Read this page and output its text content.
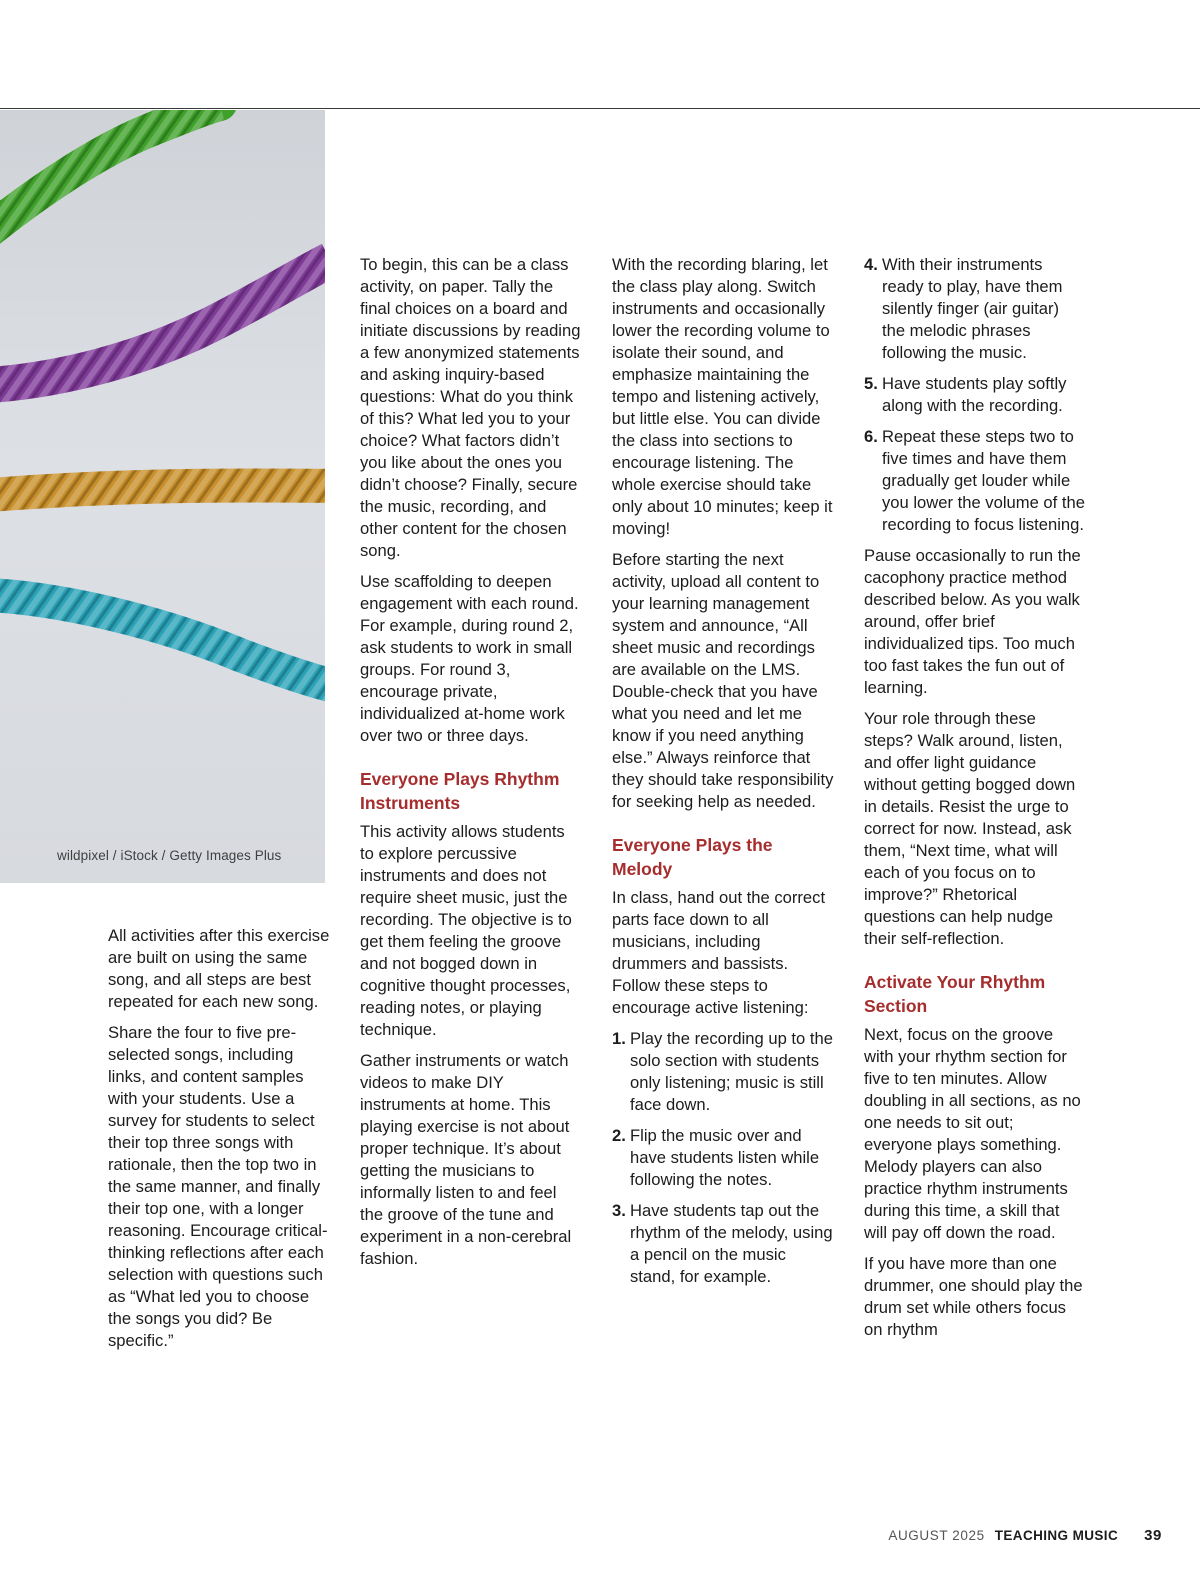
wildpixel / iStock / Getty Images Plus

All activities after this exercise are built on using the same song, and all steps are best repeated for each new song.

Share the four to five pre-selected songs, including links, and content samples with your students. Use a survey for students to select their top three songs with rationale, then the top two in the same manner, and finally their top one, with a longer reasoning. Encourage critical-thinking reflections after each selection with questions such as “What led you to choose the songs you did? Be specific.”

To begin, this can be a class activity, on paper. Tally the final choices on a board and initiate discussions by reading a few anonymized statements and asking inquiry-based questions: What do you think of this? What led you to your choice? What factors didn’t you like about the ones you didn’t choose? Finally, secure the music, recording, and other content for the chosen song.

Use scaffolding to deepen engagement with each round. For example, during round 2, ask students to work in small groups. For round 3, encourage private, individualized at-home work over two or three days.

Everyone Plays Rhythm Instruments

This activity allows students to explore percussive instruments and does not require sheet music, just the recording. The objective is to get them feeling the groove and not bogged down in cognitive thought processes, reading notes, or playing technique.

Gather instruments or watch videos to make DIY instruments at home. This playing exercise is not about proper technique. It’s about getting the musicians to informally listen to and feel the groove of the tune and experiment in a non-cerebral fashion.

With the recording blaring, let the class play along. Switch instruments and occasionally lower the recording volume to isolate their sound, and emphasize maintaining the tempo and listening actively, but little else. You can divide the class into sections to encourage listening. The whole exercise should take only about 10 minutes; keep it moving!

Before starting the next activity, upload all content to your learning management system and announce, “All sheet music and recordings are available on the LMS. Double-check that you have what you need and let me know if you need anything else.” Always reinforce that they should take responsibility for seeking help as needed.

Everyone Plays the Melody

In class, hand out the correct parts face down to all musicians, including drummers and bassists. Follow these steps to encourage active listening:

1. Play the recording up to the solo section with students only listening; music is still face down.
2. Flip the music over and have students listen while following the notes.
3. Have students tap out the rhythm of the melody, using a pencil on the music stand, for example.
4. With their instruments ready to play, have them silently finger (air guitar) the melodic phrases following the music.
5. Have students play softly along with the recording.
6. Repeat these steps two to five times and have them gradually get louder while you lower the volume of the recording to focus listening.

Pause occasionally to run the cacophony practice method described below. As you walk around, offer brief individualized tips. Too much too fast takes the fun out of learning.

Your role through these steps? Walk around, listen, and offer light guidance without getting bogged down in details. Resist the urge to correct for now. Instead, ask them, “Next time, what will each of you focus on to improve?” Rhetorical questions can help nudge their self-reflection.

Activate Your Rhythm Section

Next, focus on the groove with your rhythm section for five to ten minutes. Allow doubling in all sections, as no one needs to sit out; everyone plays something. Melody players can also practice rhythm instruments during this time, a skill that will pay off down the road.

If you have more than one drummer, one should play the drum set while others focus on rhythm

AUGUST 2025 TEACHING MUSIC 39
